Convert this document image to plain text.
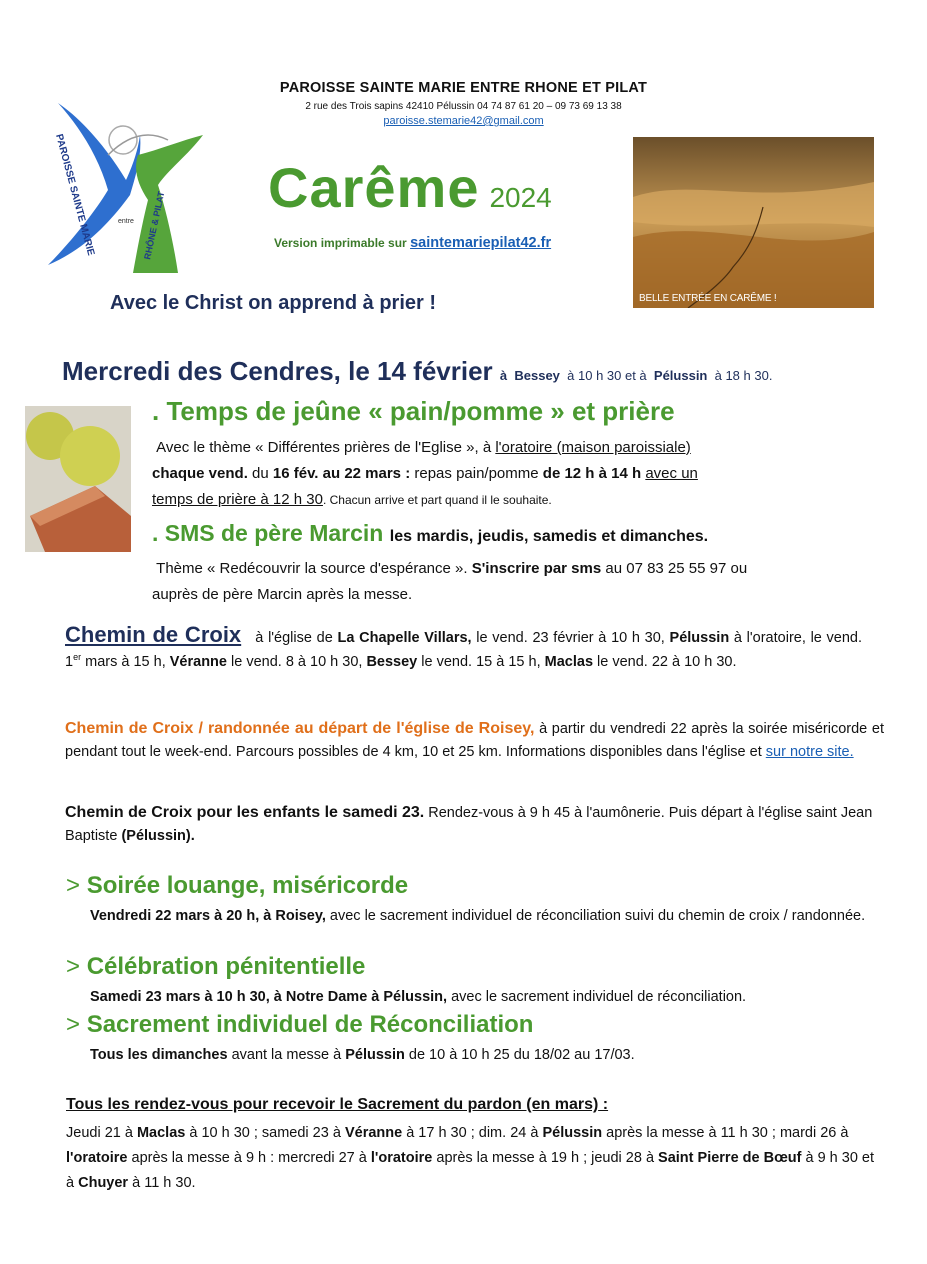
PAROISSE SAINTE MARIE ENTRE RHONE ET PILAT
2 rue des Trois sapins 42410 Pélussin 04 74 87 61 20 – 09 73 69 13 38
paroisse.stemarie42@gmail.com
PAROISSE SAINTE MARIE	entre RHÔNE & PILAT
Carême 2024
Version imprimable sur saintemariepilat42.fr
BELLE ENTRÉE EN CARÊME !
Avec le Christ on apprend à prier !
Mercredi des Cendres, le 14 février à Bessey à 10 h 30 et à Pélussin à 18 h 30.
. Temps de jeûne « pain/pomme » et prière
Avec le thème « Différentes prières de l'Eglise », à l'oratoire (maison paroissiale)
chaque vend. du 16 fév. au 22 mars : repas pain/pomme de 12 h à 14 h avec un
temps de prière à 12 h 30. Chacun arrive et part quand il le souhaite.
. SMS de père Marcin les mardis, jeudis, samedis et dimanches.
Thème « Redécouvrir la source d'espérance ». S'inscrire par sms au 07 83 25 55 97 ou
auprès de père Marcin après la messe.
Chemin de Croix à l'église de La Chapelle Villars, le vend. 23 février à 10 h 30, Pélussin à l'oratoire, le vend. 1er mars à 15 h, Véranne le vend. 8 à 10 h 30, Bessey le vend. 15 à 15 h, Maclas le vend. 22 à 10 h 30.
Chemin de Croix / randonnée au départ de l'église de Roisey, à partir du vendredi 22 après la soirée miséricorde et pendant tout le week-end. Parcours possibles de 4 km, 10 et 25 km. Informations disponibles dans l'église et sur notre site.
Chemin de Croix pour les enfants le samedi 23. Rendez-vous à 9 h 45 à l'aumônerie. Puis départ à l'église saint Jean Baptiste (Pélussin).
> Soirée louange, miséricorde
Vendredi 22 mars à 20 h, à Roisey, avec le sacrement individuel de réconciliation suivi du chemin de croix / randonnée.
> Célébration pénitentielle
Samedi 23 mars à 10 h 30, à Notre Dame à Pélussin, avec le sacrement individuel de réconciliation.
> Sacrement individuel de Réconciliation
Tous les dimanches avant la messe à Pélussin de 10 à 10 h 25 du 18/02 au 17/03.
Tous les rendez-vous pour recevoir le Sacrement du pardon (en mars) :
Jeudi 21 à Maclas à 10 h 30 ; samedi 23 à Véranne à 17 h 30 ; dim. 24 à Pélussin après la messe à 11 h 30 ; mardi 26 à l'oratoire après la messe à 9 h : mercredi 27 à l'oratoire après la messe à 19 h ; jeudi 28 à Saint Pierre de Bœuf à 9 h 30 et à Chuyer à 11 h 30.
